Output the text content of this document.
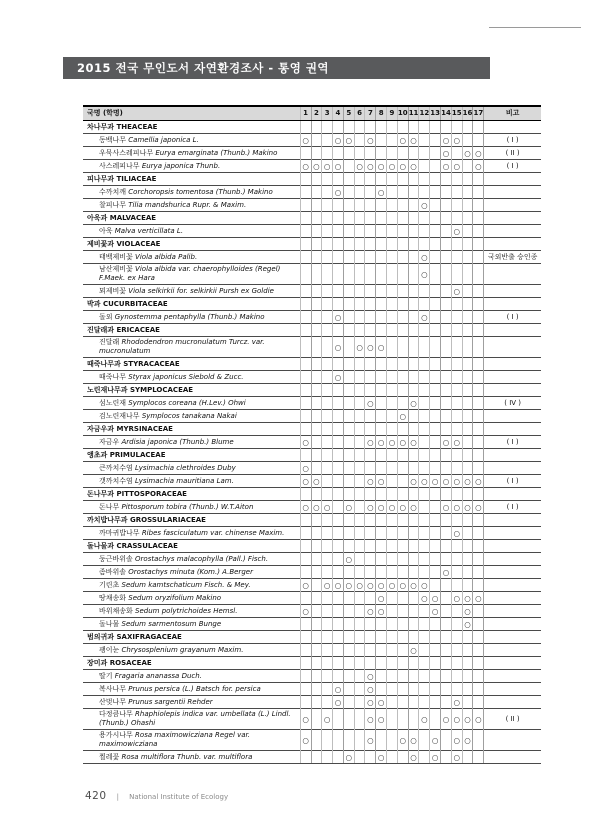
2015 전국 무인도서 자연환경조사 - 통영 권역
국명 (학명)	1	2	3	4	5	6	7	8	9	10	11	12	13	14	15	16	17	비고
차나무과 THEACEAE																		
동백나무 Camellia japonica L.	○			○	○		○			○	○			○	○			( I )
우묵사스레피나무 Eurya emarginata (Thunb.) Makino														○		○	○	( II )
사스레피나무 Eurya japonica Thunb.	○	○	○	○		○	○	○	○	○	○			○	○		○	( I )
피나무과 TILIACEAE																		
수까치깨 Corchoropsis tomentosa (Thunb.) Makino				○				○										
찰피나무 Tilia mandshurica Rupr. & Maxim.												○						
아욱과 MALVACEAE																		
아욱 Malva verticillata L.															○			
제비꽃과 VIOLACEAE																		
태백제비꽃 Viola albida Palib.												○						국외반출 승인종
남산제비꽃 Viola albida var. chaerophylloides (Regel) F.Maek. ex Hara												○						
뫼제비꽃 Viola selkirkii for. selkirkii Pursh ex Goldie															○			
박과 CUCURBITACEAE																		
돌외 Gynostemma pentaphylla (Thunb.) Makino				○								○						( I )
진달래과 ERICACEAE																		
진달래 Rhododendron mucronulatum Turcz. var. mucronulatum				○		○	○	○										
때죽나무과 STYRACACEAE																		
때죽나무 Styrax japonicus Siebold & Zucc.				○														
노린재나무과 SYMPLOCACEAE																		
섬노린재 Symplocos coreana (H.Lev.) Ohwi							○				○							( IV )
검노린재나무 Symplocos tanakana Nakai										○								
자금우과 MYRSINACEAE																		
자금우 Ardisia japonica (Thunb.) Blume	○						○	○	○	○	○			○	○			( I )
앵초과 PRIMULACEAE																		
큰까치수염 Lysimachia clethroides Duby	○																	
갯까치수염 Lysimachia mauritiana Lam.	○	○					○	○			○	○	○	○	○	○	○	( I )
돈나무과 PITTOSPORACEAE																		
돈나무 Pittosporum tobira (Thunb.) W.T.Aiton	○	○	○		○		○	○	○	○	○			○	○	○	○	( I )
까치밥나무과 GROSSULARIACEAE																		
까마귀밥나무 Ribes fasciculatum var. chinense Maxim.															○			
돌나물과 CRASSULACEAE																		
둥근바위솔 Orostachys malacophylla (Pall.) Fisch.					○													
좀바위솔 Orostachys minuta (Kom.) A.Berger														○				
기린초 Sedum kamtschaticum Fisch. & Mey.	○		○	○	○	○	○	○	○	○	○	○						
땅채송화 Sedum oryzifolium Makino								○				○	○		○	○	○	
바위채송화 Sedum polytrichoides Hemsl.	○						○	○					○			○		
돌나물 Sedum sarmentosum Bunge																○		
범의귀과 SAXIFRAGACEAE																		
괭이눈 Chrysosplenium grayanum Maxim.											○							
장미과 ROSACEAE																		
딸기 Fragaria ananassa Duch.							○											
복사나무 Prunus persica (L.) Batsch for. persica				○			○											
산벚나무 Prunus sargentii Rehder				○			○	○							○			
다정큼나무 Rhaphiolepis indica var. umbellata (L.) Lindl. (Thunb.) Ohashi	○		○				○	○				○		○	○	○	○	( II )
용가시나무 Rosa maximowicziana Regel var. maximowicziana	○						○			○	○		○		○	○		
찔레꽃 Rosa multiflora Thunb. var. multiflora					○			○			○		○		○			
420 | National Institute of Ecology
